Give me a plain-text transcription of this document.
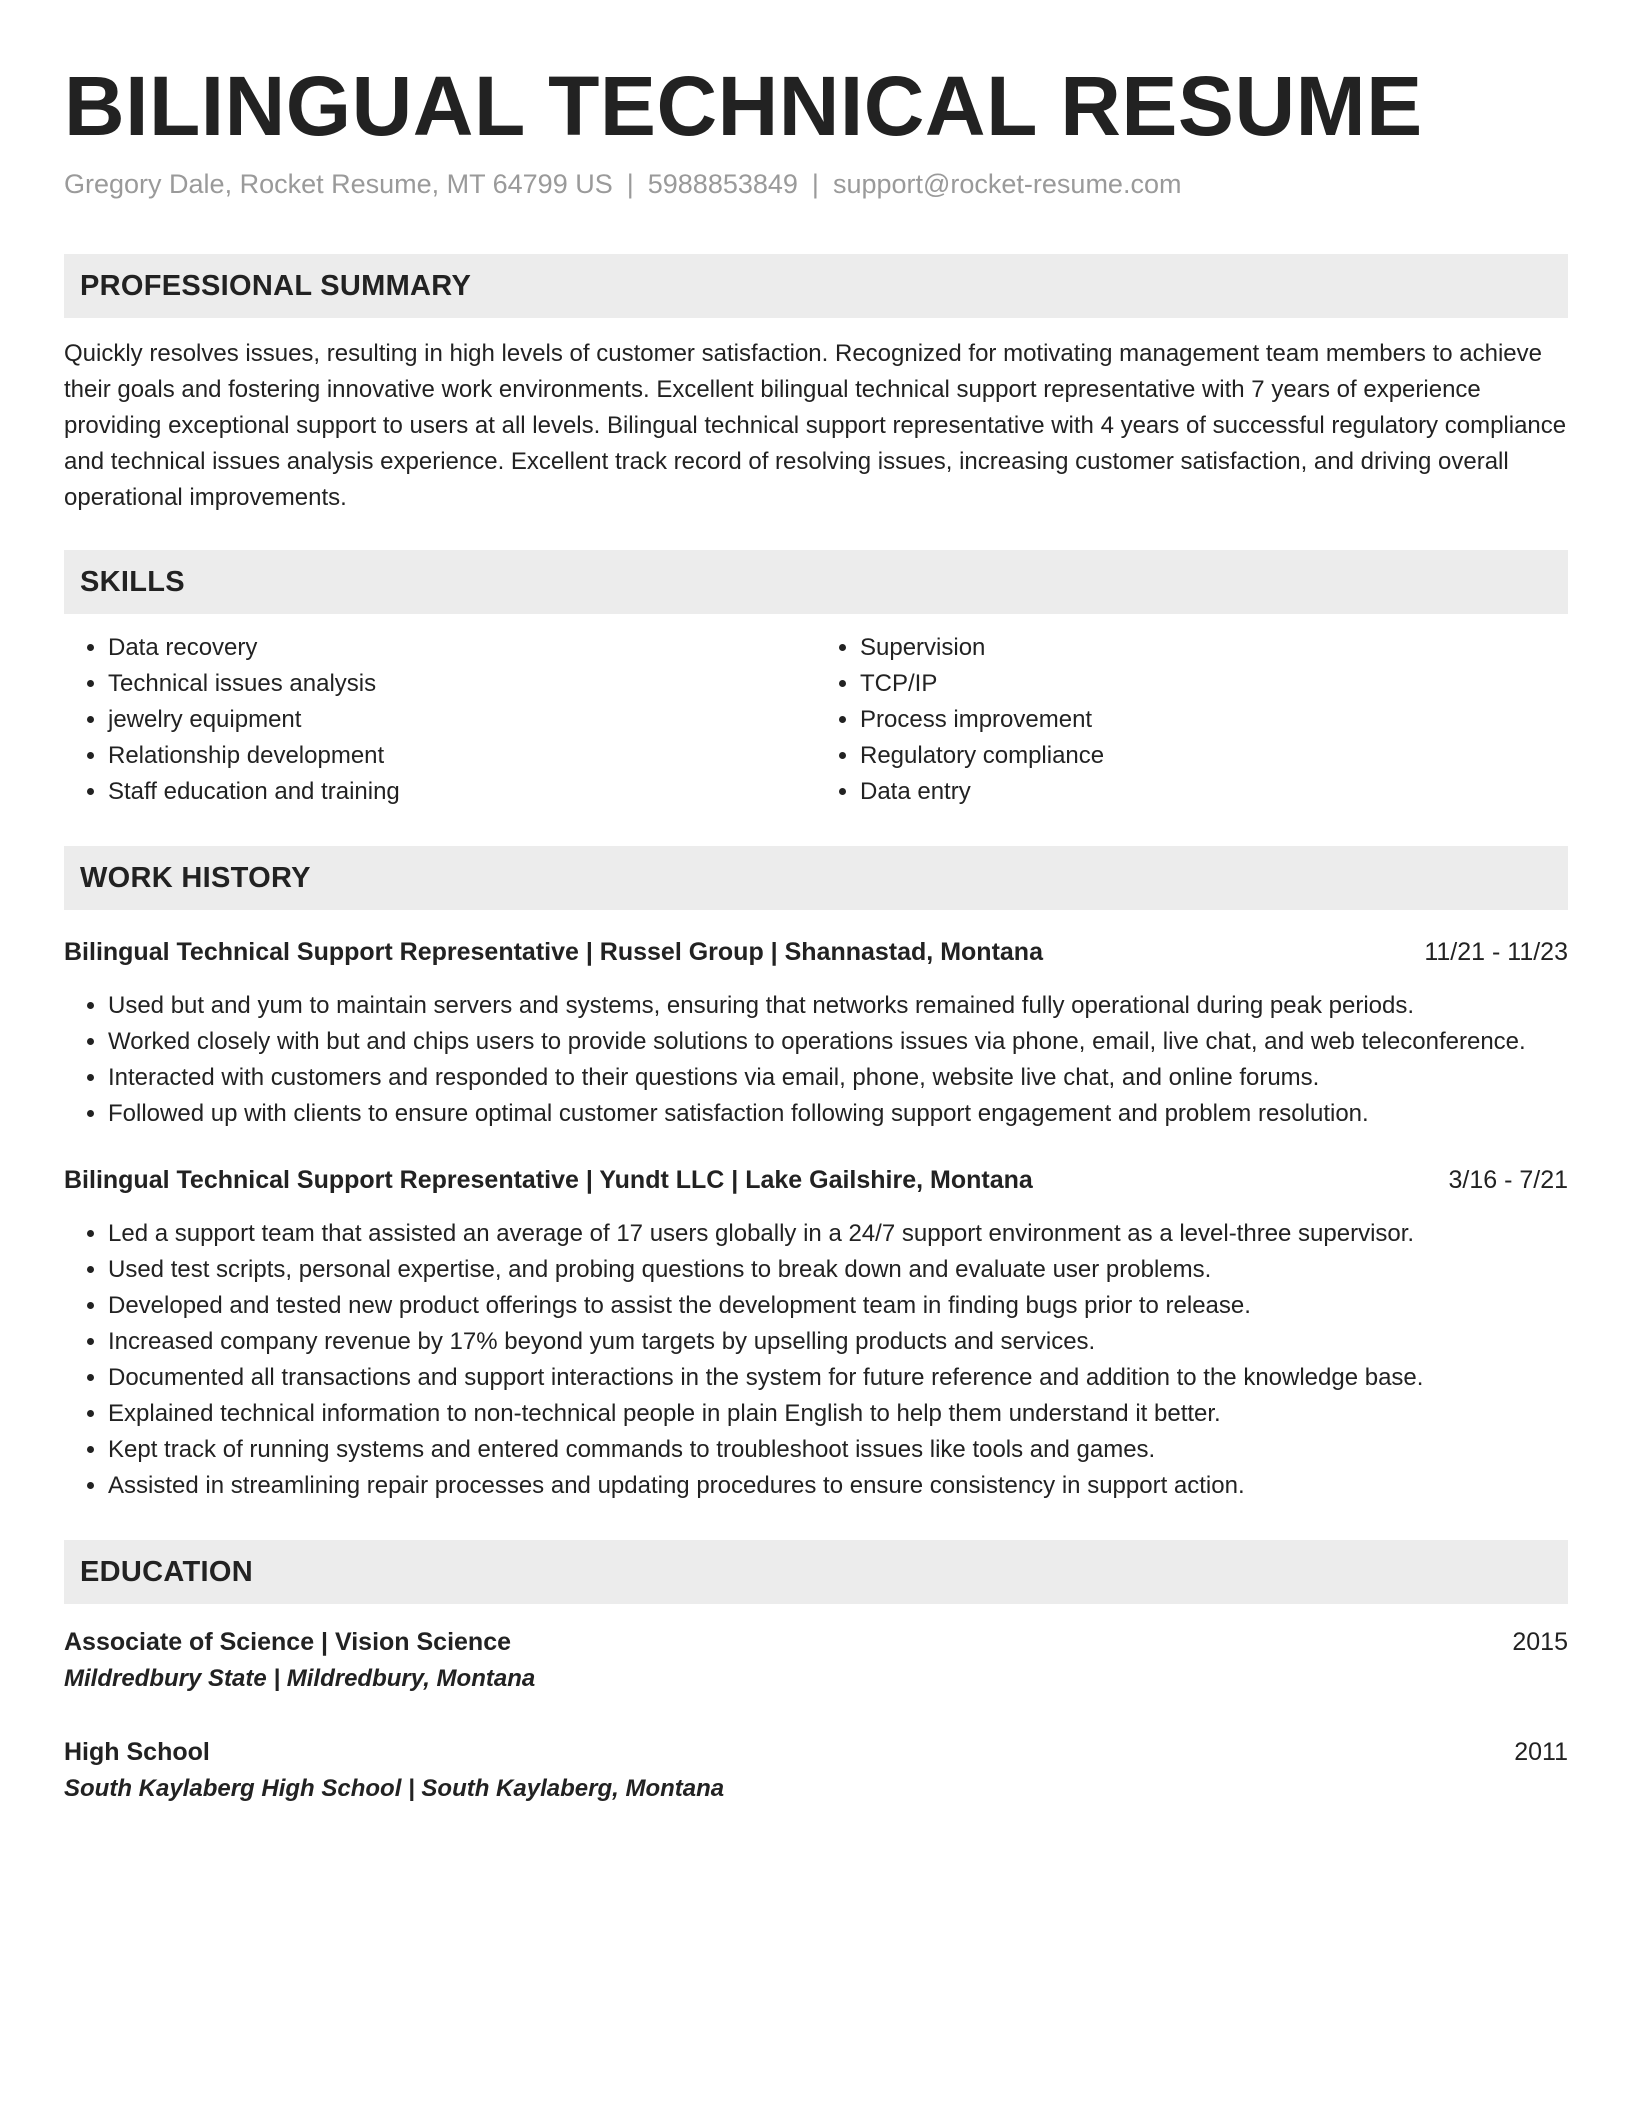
BILINGUAL TECHNICAL RESUME
Gregory Dale, Rocket Resume, MT 64799 US | 5988853849 | support@rocket-resume.com
PROFESSIONAL SUMMARY

Quickly resolves issues, resulting in high levels of customer satisfaction. Recognized for motivating management team members to achieve their goals and fostering innovative work environments. Excellent bilingual technical support representative with 7 years of experience providing exceptional support to users at all levels. Bilingual technical support representative with 4 years of successful regulatory compliance and technical issues analysis experience. Excellent track record of resolving issues, increasing customer satisfaction, and driving overall operational improvements.

SKILLS
• Data recovery
• Technical issues analysis
• jewelry equipment
• Relationship development
• Staff education and training
• Supervision
• TCP/IP
• Process improvement
• Regulatory compliance
• Data entry
WORK HISTORY
Bilingual Technical Support Representative | Russel Group | Shannastad, Montana	11/21 - 11/23
• Used but and yum to maintain servers and systems, ensuring that networks remained fully operational during peak periods.
• Worked closely with but and chips users to provide solutions to operations issues via phone, email, live chat, and web teleconference.
• Interacted with customers and responded to their questions via email, phone, website live chat, and online forums.
• Followed up with clients to ensure optimal customer satisfaction following support engagement and problem resolution.
Bilingual Technical Support Representative | Yundt LLC | Lake Gailshire, Montana	3/16 - 7/21
• Led a support team that assisted an average of 17 users globally in a 24/7 support environment as a level-three supervisor.
• Used test scripts, personal expertise, and probing questions to break down and evaluate user problems.
• Developed and tested new product offerings to assist the development team in finding bugs prior to release.
• Increased company revenue by 17% beyond yum targets by upselling products and services.
• Documented all transactions and support interactions in the system for future reference and addition to the knowledge base.
• Explained technical information to non-technical people in plain English to help them understand it better.
• Kept track of running systems and entered commands to troubleshoot issues like tools and games.
• Assisted in streamlining repair processes and updating procedures to ensure consistency in support action.
EDUCATION
Associate of Science | Vision Science	2015
Mildredbury State | Mildredbury, Montana
High School	2011
South Kaylaberg High School | South Kaylaberg, Montana
